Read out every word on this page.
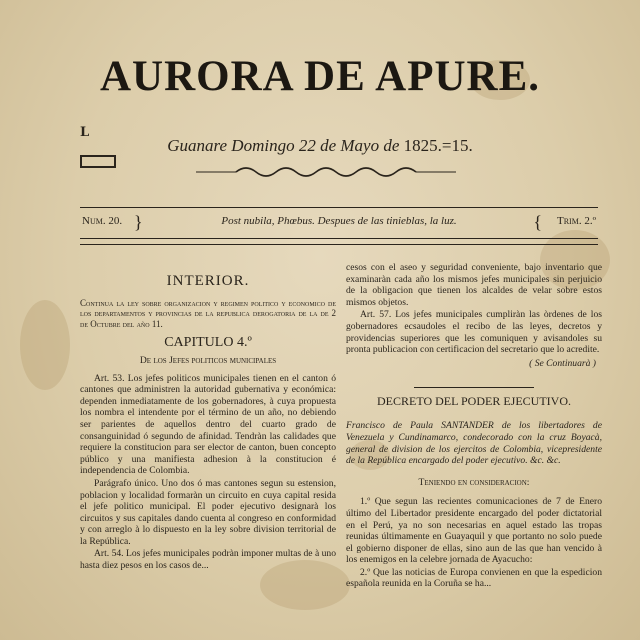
AURORA DE APURE.
L
Guanare Domingo 22 de Mayo de 1825.=15.
Num. 20. }	Post nubila, Phœbus. Despues de las tinieblas, la luz.	{ Trim. 2.º
INTERIOR.
Continua la ley sobre organizacion y regimen politico y economico de los departamentos y provincias de la republica derogatoria de la de 2 de Octubre del año 11.
CAPITULO 4.º
De los Jefes politicos municipales

Art. 53. Los jefes politicos municipales tienen en el canton ó cantones que administren la autoridad gubernativa y económica: dependen inmediatamente de los gobernadores, à cuya propuesta los nombra el intendente por el término de un año, no debiendo ser parientes de aquellos dentro del cuarto grado de consanguinidad ó segundo de afinidad. Tendràn las calidades que requiere la constitucion para ser elector de canton, buen concepto público y una manifiesta adhesion à la constitucion é independencia de Colombia.

Parágrafo único. Uno dos ó mas cantones segun su estension, poblacion y localidad formaràn un circuito en cuya capital resida el jefe politico municipal. El poder ejecutivo designarà los circuitos y sus capitales dando cuenta al congreso en conformidad y con arreglo à lo dispuesto en la ley sobre division territorial de la República.

Art. 54. Los jefes municipales podràn imponer multas de à uno hasta diez pesos en los casos de...

cesos con el aseo y seguridad conveniente, bajo inventario que examinaràn cada año los mismos jefes municipales sin perjuicio de la obligacion que tienen los alcaldes de velar sobre estos mismos objetos.

Art. 57. Los jefes municipales cumpliràn las òrdenes de los gobernadores ecsaudoles el recibo de las leyes, decretos y providencias superiores que les comuniquen y avisandoles su pronta publicacion con certificacion del secretario que lo acredite.

( Se Continuarà )
DECRETO DEL PODER EJECUTIVO.

Francisco de Paula SANTANDER de los libertadores de Venezuela y Cundinamarco, condecorado con la cruz Boyacà, general de division de los ejercitos de Colombia, vicepresidente de la República encargado del poder ejecutivo. &c. &c.

Teniendo en consideracion:

1.º Que segun las recientes comunicaciones de 7 de Enero último del Libertador presidente encargado del poder dictatorial en el Perú, ya no son necesarias en aquel estado las tropas reunidas últimamente en Guayaquil y que portanto no solo puede el gobierno disponer de ellas, sino aun de las que han vencido à los enemigos en la celebre jornada de Ayacucho:

2.º Que las noticias de Europa convienen en que la espedicion española reunida en la Coruña se ha...
